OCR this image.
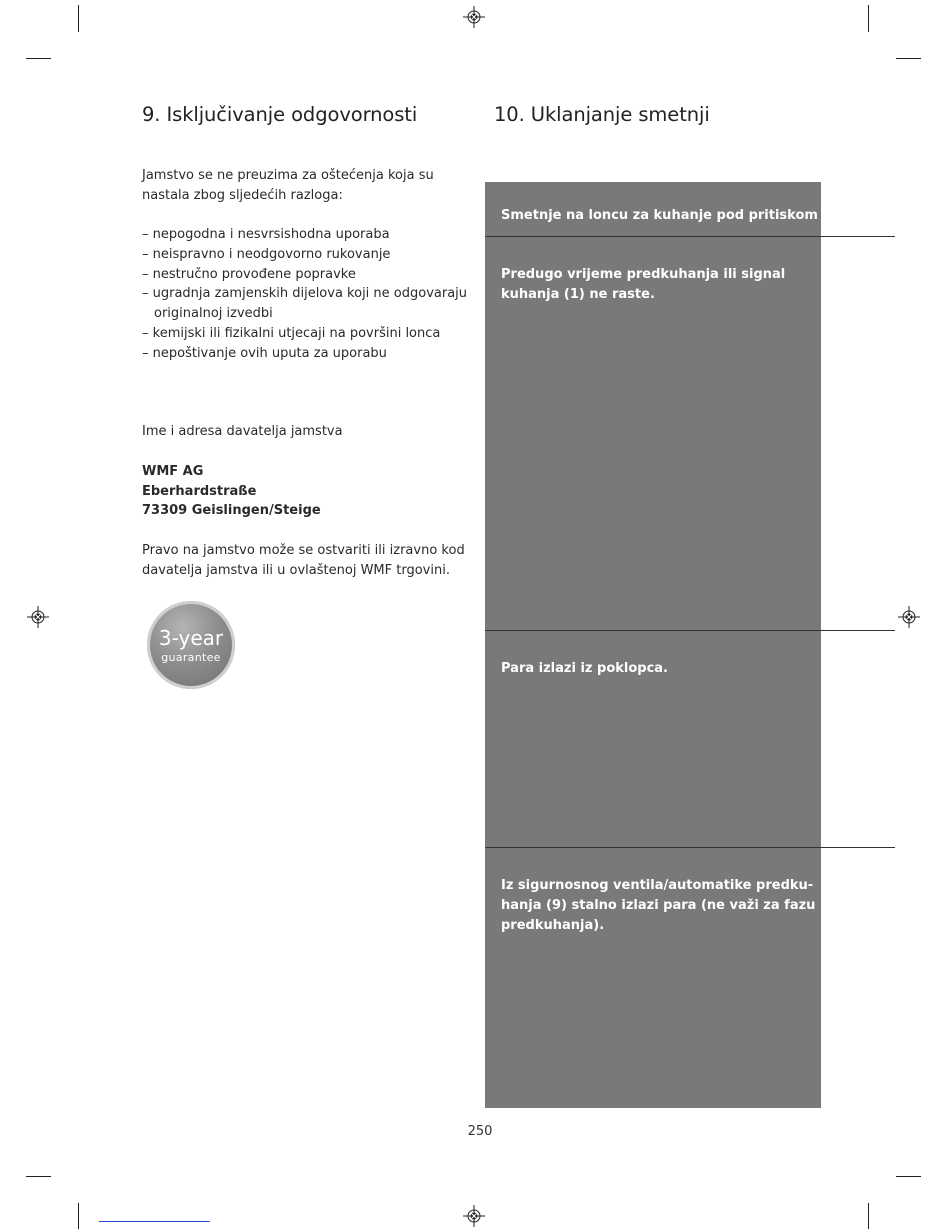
9. Isključivanje odgovornosti

Jamstvo se ne preuzima za oštećenja koja su

nastala zbog sljedećih razloga:

– nepogodna i nesvrsishodna uporaba
– neispravno i neodgovorno rukovanje
– nestručno provođene popravke
– ugradnja zamjenskih dijelova koji ne odgovaraju
originalnoj izvedbi
– kemijski ili fizikalni utjecaji na površini lonca
– nepoštivanje ovih uputa za uporabu

Ime i adresa davatelja jamstva

WMF AG

Eberhardstraße

73309 Geislingen/Steige

Pravo na jamstvo može se ostvariti ili izravno kod

davatelja jamstva ili u ovlaštenoj WMF trgovini.

3-year
guarantee
10. Uklanjanje smetnji
Smetnje na loncu za kuhanje pod pritiskom
Predugo vrijeme predkuhanja ili signal
kuhanja (1) ne raste.
Para izlazi iz poklopca.
Iz sigurnosnog ventila/automatike predku-
hanja (9) stalno izlazi para (ne važi za fazu
predkuhanja).
250
